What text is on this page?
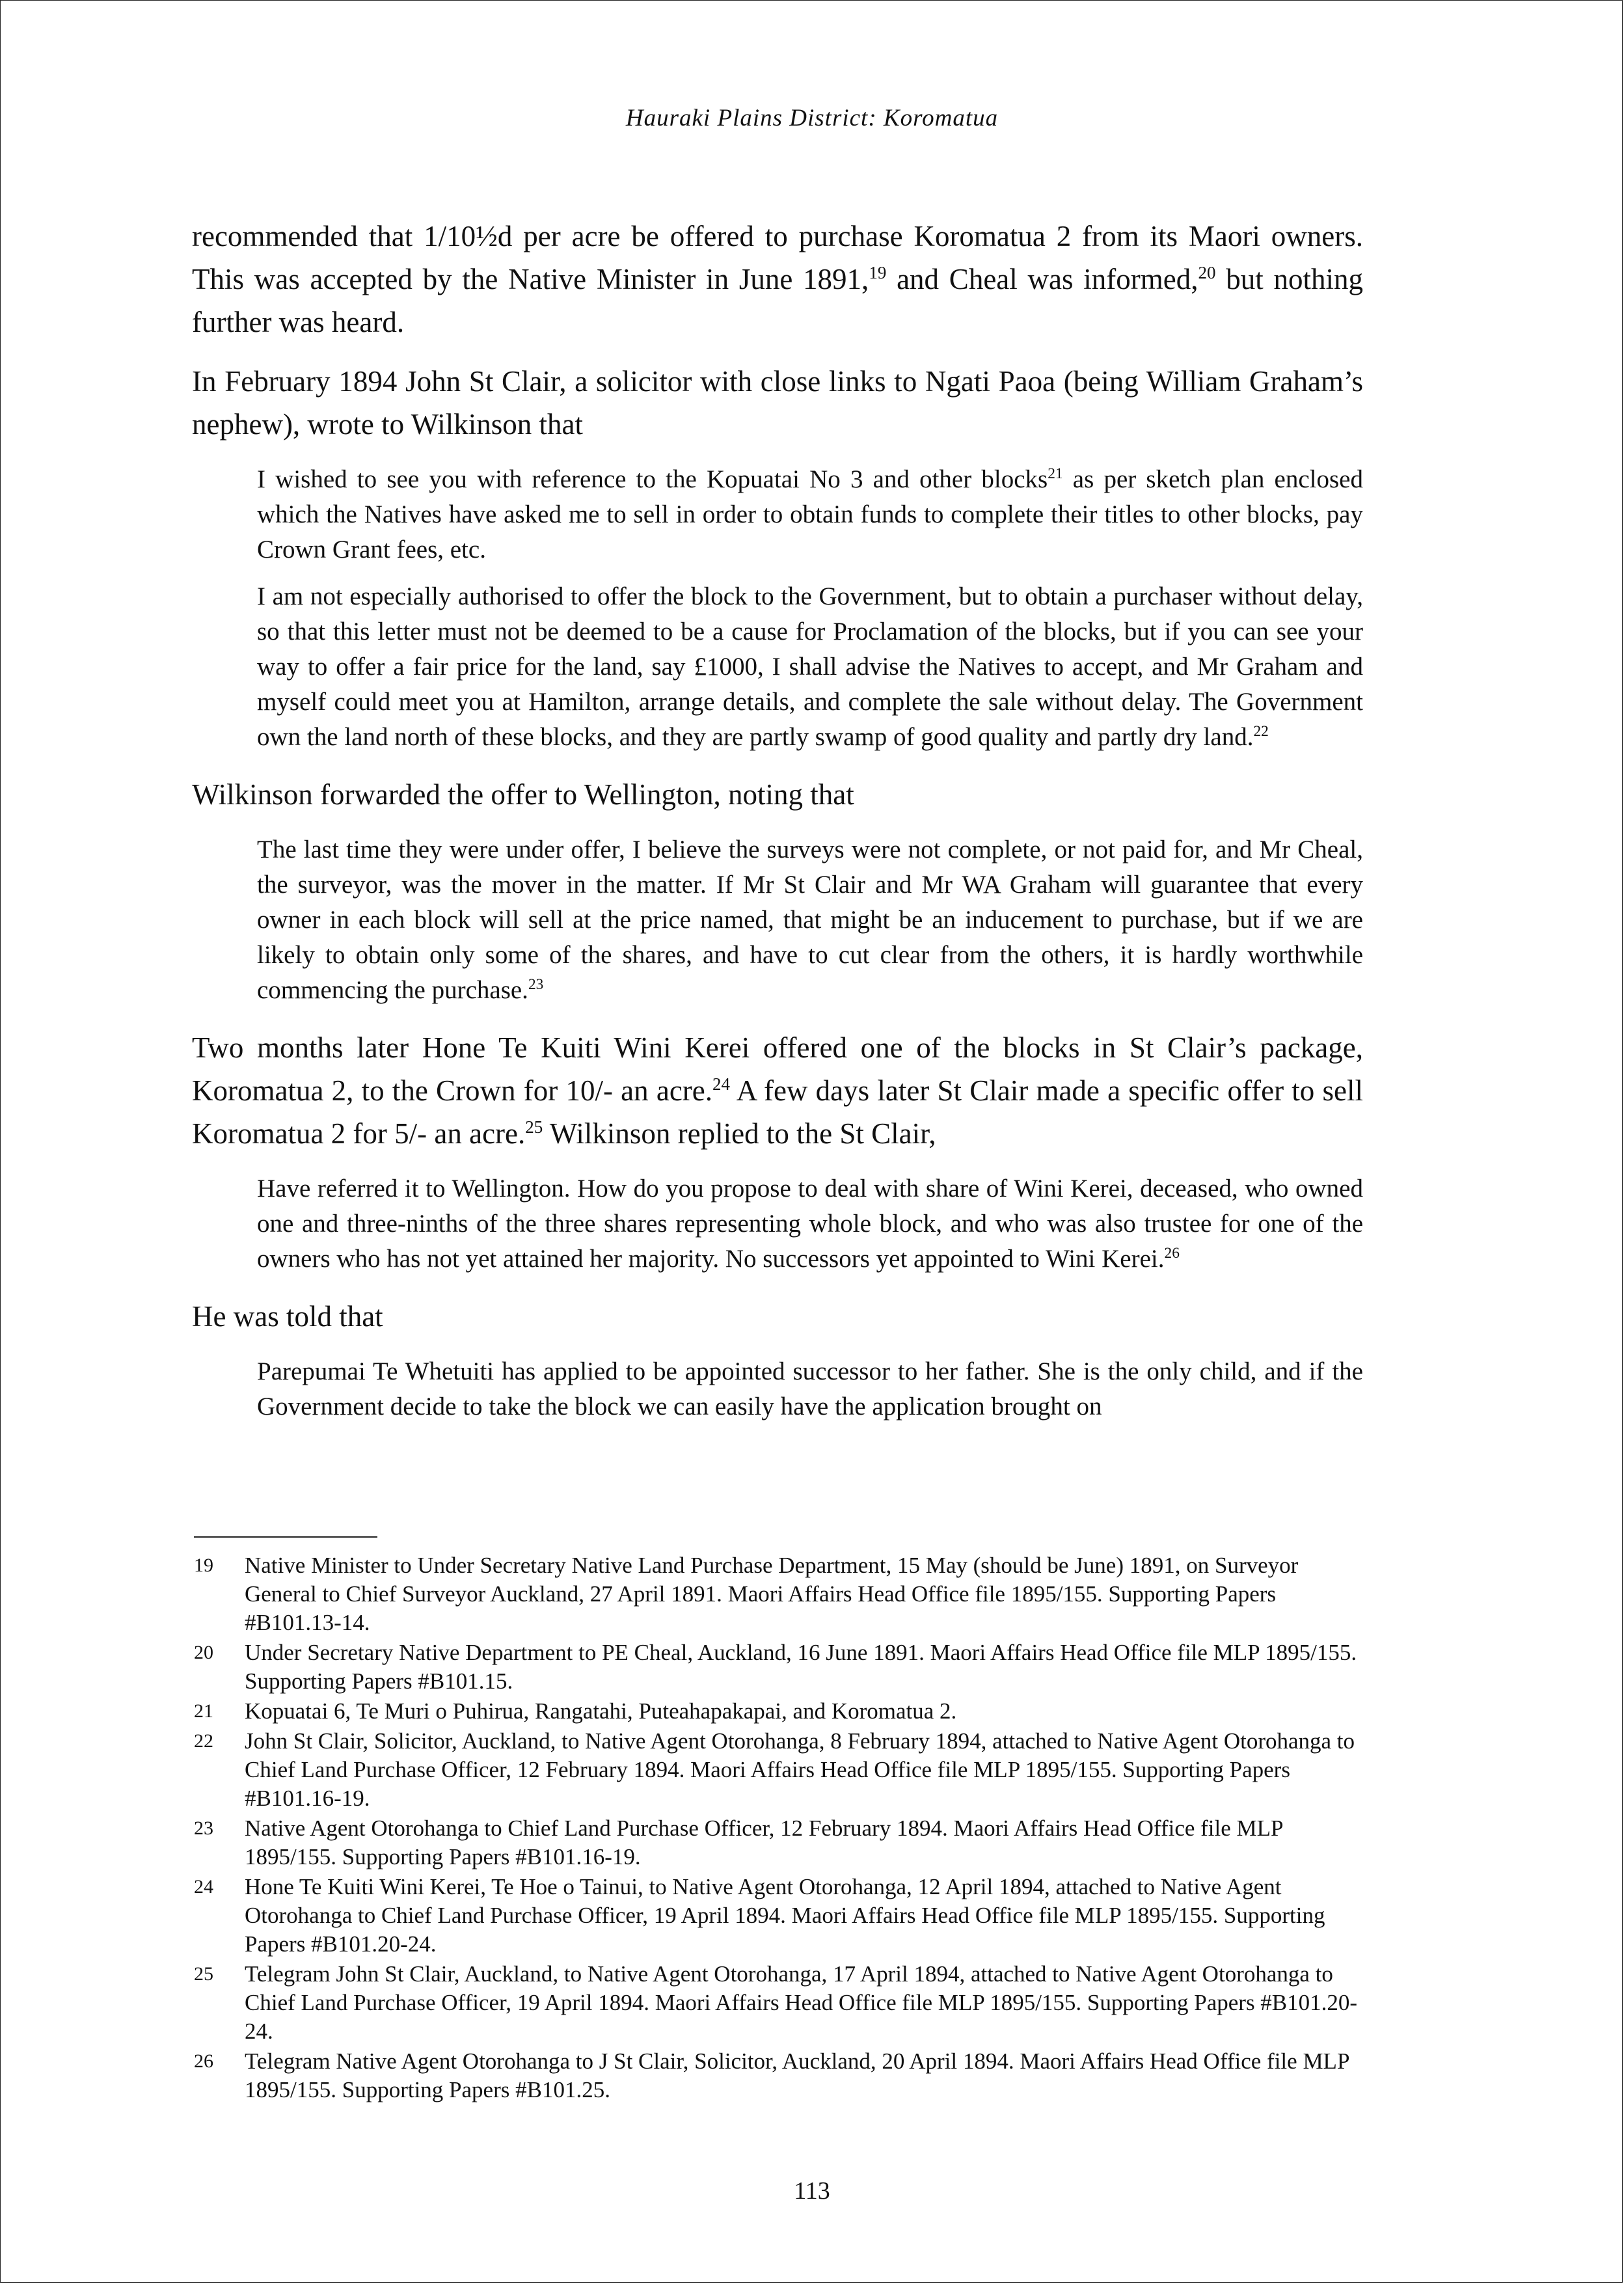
Hauraki Plains District: Koromatua

recommended that 1/10½d per acre be offered to purchase Koromatua 2 from its Maori owners. This was accepted by the Native Minister in June 1891,19 and Cheal was informed,$^{20}$ but nothing further was heard.

In February 1894 John St Clair, a solicitor with close links to Ngati Paoa (being William Graham’s nephew), wrote to Wilkinson that

I wished to see you with reference to the Kopuatai No 3 and other blocks$^{21}$ as per sketch plan enclosed which the Natives have asked me to sell in order to obtain funds to complete their titles to other blocks, pay Crown Grant fees, etc.

I am not especially authorised to offer the block to the Government, but to obtain a purchaser without delay, so that this letter must not be deemed to be a cause for Proclamation of the blocks, but if you can see your way to offer a fair price for the land, say £1000, I shall advise the Natives to accept, and Mr Graham and myself could meet you at Hamilton, arrange details, and complete the sale without delay. The Government own the land north of these blocks, and they are partly swamp of good quality and partly dry land.$^{22}$

Wilkinson forwarded the offer to Wellington, noting that

The last time they were under offer, I believe the surveys were not complete, or not paid for, and Mr Cheal, the surveyor, was the mover in the matter. If Mr St Clair and Mr WA Graham will guarantee that every owner in each block will sell at the price named, that might be an inducement to purchase, but if we are likely to obtain only some of the shares, and have to cut clear from the others, it is hardly worthwhile commencing the purchase.$^{23}$

Two months later Hone Te Kuiti Wini Kerei offered one of the blocks in St Clair’s package, Koromatua 2, to the Crown for 10/- an acre.$^{24}$ A few days later St Clair made a specific offer to sell Koromatua 2 for 5/- an acre.$^{25}$ Wilkinson replied to the St Clair,

Have referred it to Wellington. How do you propose to deal with share of Wini Kerei, deceased, who owned one and three-ninths of the three shares representing whole block, and who was also trustee for one of the owners who has not yet attained her majority. No successors yet appointed to Wini Kerei.$^{26}$

He was told that

Parepumai Te Whetuiti has applied to be appointed successor to her father. She is the only child, and if the Government decide to take the block we can easily have the application brought on

19	Native Minister to Under Secretary Native Land Purchase Department, 15 May (should be June) 1891, on Surveyor General to Chief Surveyor Auckland, 27 April 1891. Maori Affairs Head Office file 1895/155. Supporting Papers #B101.13-14.
20	Under Secretary Native Department to PE Cheal, Auckland, 16 June 1891. Maori Affairs Head Office file MLP 1895/155. Supporting Papers #B101.15.
21	Kopuatai 6, Te Muri o Puhirua, Rangatahi, Puteahapakapai, and Koromatua 2.
22	John St Clair, Solicitor, Auckland, to Native Agent Otorohanga, 8 February 1894, attached to Native Agent Otorohanga to Chief Land Purchase Officer, 12 February 1894. Maori Affairs Head Office file MLP 1895/155. Supporting Papers #B101.16-19.
23	Native Agent Otorohanga to Chief Land Purchase Officer, 12 February 1894. Maori Affairs Head Office file MLP 1895/155. Supporting Papers #B101.16-19.
24	Hone Te Kuiti Wini Kerei, Te Hoe o Tainui, to Native Agent Otorohanga, 12 April 1894, attached to Native Agent Otorohanga to Chief Land Purchase Officer, 19 April 1894. Maori Affairs Head Office file MLP 1895/155. Supporting Papers #B101.20-24.
25	Telegram John St Clair, Auckland, to Native Agent Otorohanga, 17 April 1894, attached to Native Agent Otorohanga to Chief Land Purchase Officer, 19 April 1894. Maori Affairs Head Office file MLP 1895/155. Supporting Papers #B101.20-24.
26	Telegram Native Agent Otorohanga to J St Clair, Solicitor, Auckland, 20 April 1894. Maori Affairs Head Office file MLP 1895/155. Supporting Papers #B101.25.
113
